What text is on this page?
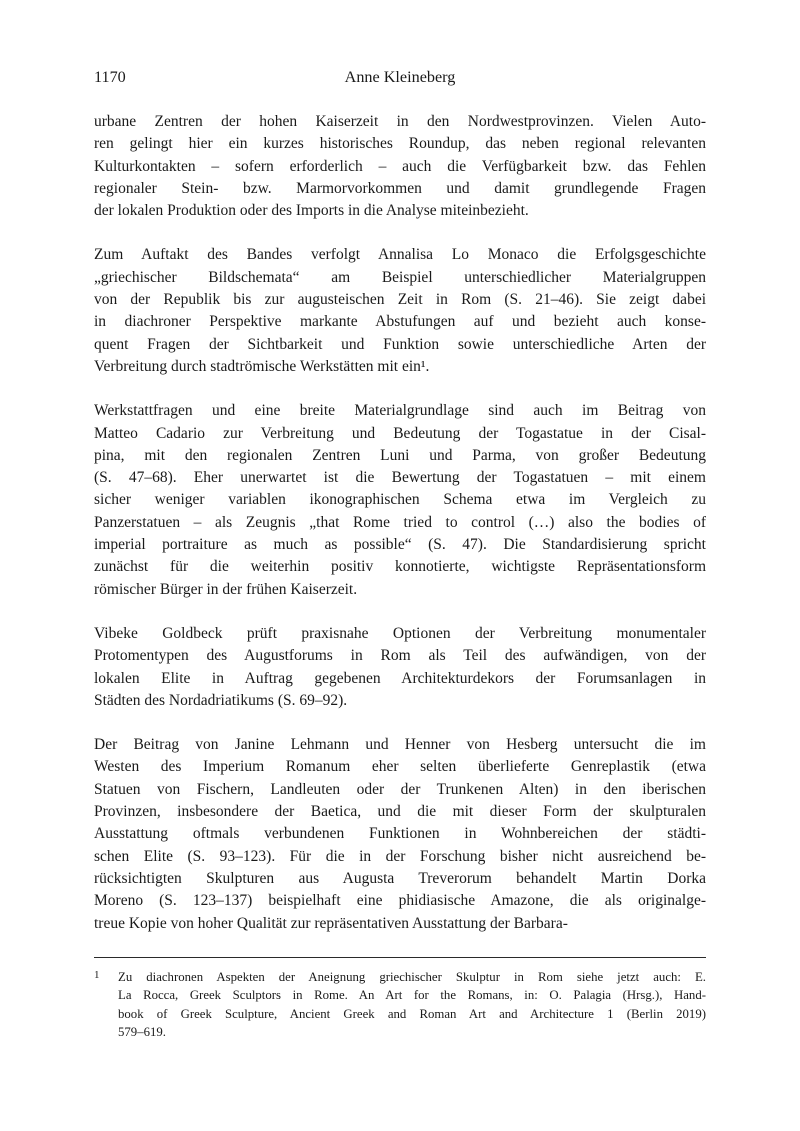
1170	Anne Kleineberg
urbane Zentren der hohen Kaiserzeit in den Nordwestprovinzen. Vielen Auto-
ren gelingt hier ein kurzes historisches Roundup, das neben regional relevanten
Kulturkontakten – sofern erforderlich – auch die Verfügbarkeit bzw. das Fehlen
regionaler Stein- bzw. Marmorvorkommen und damit grundlegende Fragen
der lokalen Produktion oder des Imports in die Analyse miteinbezieht.
Zum Auftakt des Bandes verfolgt Annalisa Lo Monaco die Erfolgsgeschichte
„griechischer Bildschemata“ am Beispiel unterschiedlicher Materialgruppen
von der Republik bis zur augusteischen Zeit in Rom (S. 21–46). Sie zeigt dabei
in diachroner Perspektive markante Abstufungen auf und bezieht auch konse-
quent Fragen der Sichtbarkeit und Funktion sowie unterschiedliche Arten der
Verbreitung durch stadtrömische Werkstätten mit ein¹.
Werkstattfragen und eine breite Materialgrundlage sind auch im Beitrag von
Matteo Cadario zur Verbreitung und Bedeutung der Togastatue in der Cisal-
pina, mit den regionalen Zentren Luni und Parma, von großer Bedeutung
(S. 47–68). Eher unerwartet ist die Bewertung der Togastatuen – mit einem
sicher weniger variablen ikonographischen Schema etwa im Vergleich zu
Panzerstatuen – als Zeugnis „that Rome tried to control (…) also the bodies of
imperial portraiture as much as possible“ (S. 47). Die Standardisierung spricht
zunächst für die weiterhin positiv konnotierte, wichtigste Repräsentationsform
römischer Bürger in der frühen Kaiserzeit.
Vibeke Goldbeck prüft praxisnahe Optionen der Verbreitung monumentaler
Protomentypen des Augustforums in Rom als Teil des aufwändigen, von der
lokalen Elite in Auftrag gegebenen Architekturdekors der Forumsanlagen in
Städten des Nordadriatikums (S. 69–92).
Der Beitrag von Janine Lehmann und Henner von Hesberg untersucht die im
Westen des Imperium Romanum eher selten überlieferte Genreplastik (etwa
Statuen von Fischern, Landleuten oder der Trunkenen Alten) in den iberischen
Provinzen, insbesondere der Baetica, und die mit dieser Form der skulpturalen
Ausstattung oftmals verbundenen Funktionen in Wohnbereichen der städti-
schen Elite (S. 93–123). Für die in der Forschung bisher nicht ausreichend be-
rücksichtigten Skulpturen aus Augusta Treverorum behandelt Martin Dorka
Moreno (S. 123–137) beispielhaft eine phidiasische Amazone, die als originalge-
treue Kopie von hoher Qualität zur repräsentativen Ausstattung der Barbara-
1	Zu diachronen Aspekten der Aneignung griechischer Skulptur in Rom siehe jetzt auch: E.
La Rocca, Greek Sculptors in Rome. An Art for the Romans, in: O. Palagia (Hrsg.), Hand-
book of Greek Sculpture, Ancient Greek and Roman Art and Architecture 1 (Berlin 2019)
579–619.
